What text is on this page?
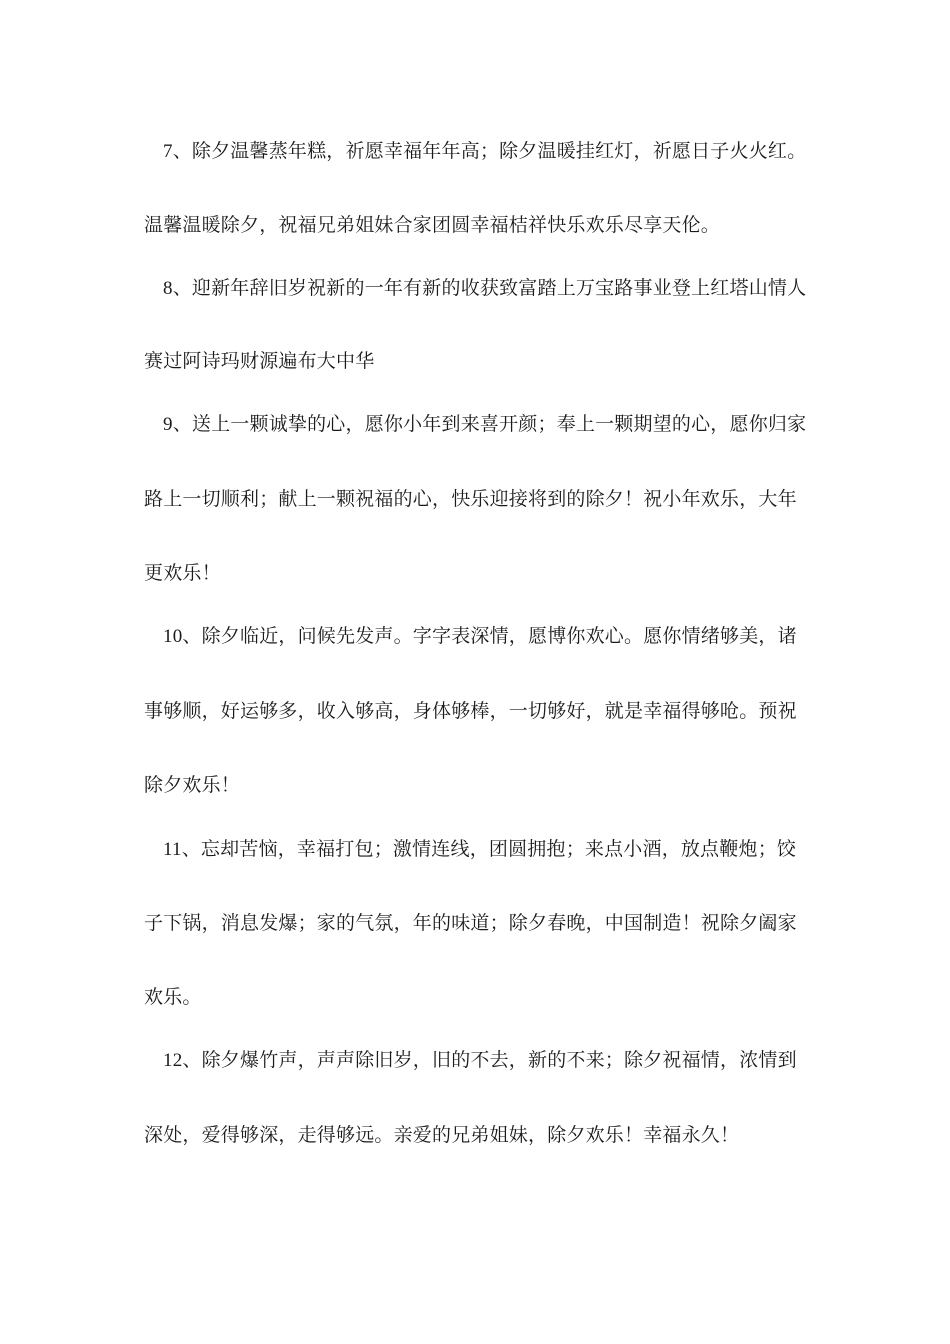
7、除夕温馨蒸年糕，祈愿幸福年年高；除夕温暖挂红灯，祈愿日子火火红。
温馨温暖除夕，祝福兄弟姐妹合家团圆幸福桔祥快乐欢乐尽享天伦。
8、迎新年辞旧岁祝新的一年有新的收获致富踏上万宝路事业登上红塔山情人
赛过阿诗玛财源遍布大中华
9、送上一颗诚挚的心，愿你小年到来喜开颜；奉上一颗期望的心，愿你归家
路上一切顺利；献上一颗祝福的心，快乐迎接将到的除夕！祝小年欢乐，大年
更欢乐！
10、除夕临近，问候先发声。字字表深情，愿博你欢心。愿你情绪够美，诸
事够顺，好运够多，收入够高，身体够棒，一切够好，就是幸福得够呛。预祝
除夕欢乐！
11、忘却苦恼，幸福打包；激情连线，团圆拥抱；来点小酒，放点鞭炮；饺
子下锅，消息发爆；家的气氛，年的味道；除夕春晚，中国制造！祝除夕阖家
欢乐。
12、除夕爆竹声，声声除旧岁，旧的不去，新的不来；除夕祝福情，浓情到
深处，爱得够深，走得够远。亲爱的兄弟姐妹，除夕欢乐！幸福永久！
